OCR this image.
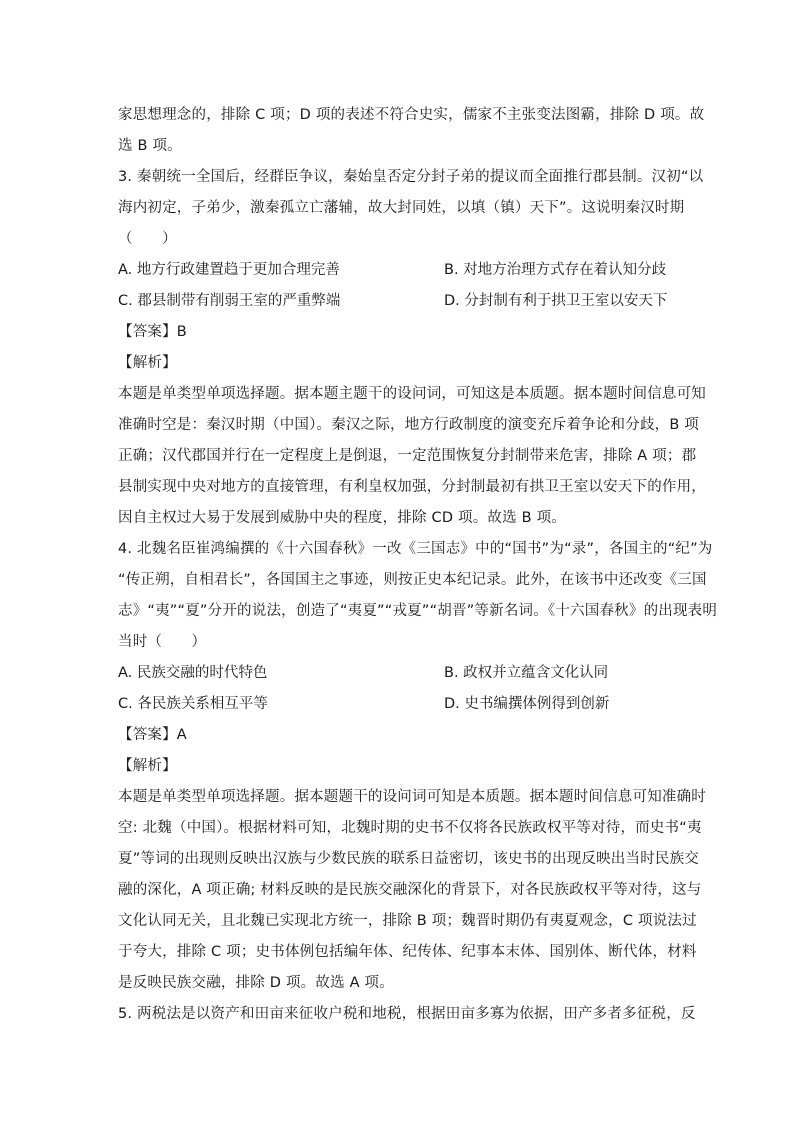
家思想理念的，排除 C 项；D 项的表述不符合史实，儒家不主张变法图霸，排除 D 项。故
选 B 项。
3. 秦朝统一全国后，经群臣争议，秦始皇否定分封子弟的提议而全面推行郡县制。汉初“以
海内初定，子弟少，激秦孤立亡藩辅，故大封同姓，以填（镇）天下”。这说明秦汉时期
（　　）
A. 地方行政建置趋于更加合理完善	B. 对地方治理方式存在着认知分歧
C. 郡县制带有削弱王室的严重弊端	D. 分封制有利于拱卫王室以安天下
【答案】B
【解析】
本题是单类型单项选择题。据本题主题干的设问词，可知这是本质题。据本题时间信息可知
准确时空是：秦汉时期（中国）。秦汉之际，地方行政制度的演变充斥着争论和分歧，B 项
正确；汉代郡国并行在一定程度上是倒退，一定范围恢复分封制带来危害，排除 A 项；郡
县制实现中央对地方的直接管理，有利皇权加强，分封制最初有拱卫王室以安天下的作用，
因自主权过大易于发展到威胁中央的程度，排除 CD 项。故选 B 项。
4. 北魏名臣崔鸿编撰的《十六国春秋》一改《三国志》中的“国书”为“录”，各国主的“纪”为
“传正朔，自相君长”，各国国主之事迹，则按正史本纪记录。此外，在该书中还改变《三国
志》“夷”“夏”分开的说法，创造了“夷夏”“戎夏”“胡晋”等新名词。《十六国春秋》的出现表明
当时（　　）
A. 民族交融的时代特色	B. 政权并立蕴含文化认同
C. 各民族关系相互平等	D. 史书编撰体例得到创新
【答案】A
【解析】
本题是单类型单项选择题。据本题题干的设问词可知是本质题。据本题时间信息可知准确时
空: 北魏（中国）。根据材料可知，北魏时期的史书不仅将各民族政权平等对待，而史书“夷
夏”等词的出现则反映出汉族与少数民族的联系日益密切，该史书的出现反映出当时民族交
融的深化，A 项正确; 材料反映的是民族交融深化的背景下，对各民族政权平等对待，这与
文化认同无关，且北魏已实现北方统一，排除 B 项；魏晋时期仍有夷夏观念，C 项说法过
于夸大，排除 C 项；史书体例包括编年体、纪传体、纪事本末体、国别体、断代体，材料
是反映民族交融，排除 D 项。故选 A 项。
5. 两税法是以资产和田亩来征收户税和地税，根据田亩多寡为依据，田产多者多征税，反
